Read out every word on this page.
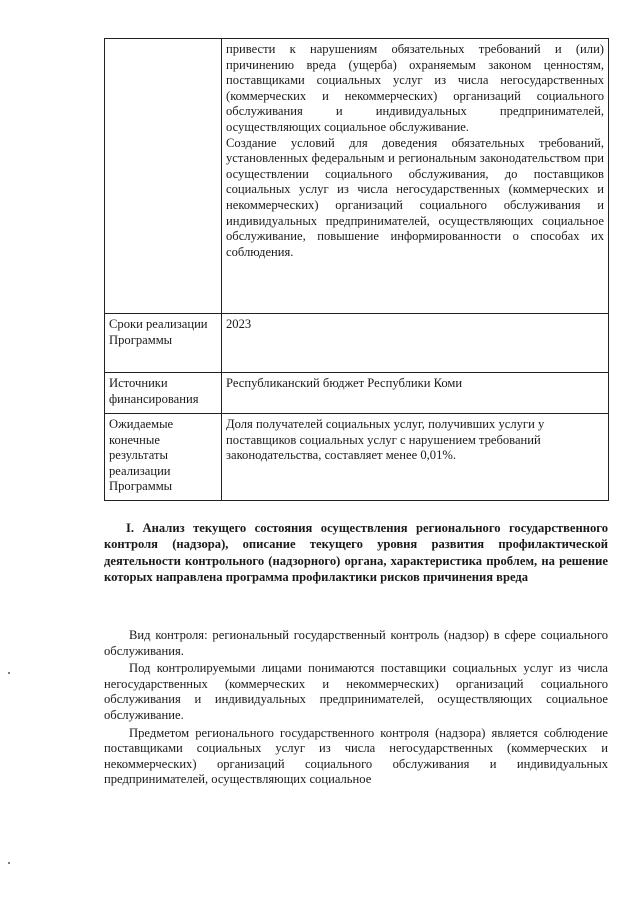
	привести к нарушениям обязательных требований и (или) причинению вреда (ущерба) охраняемым законом ценностям, поставщиками социальных услуг из числа негосударственных (коммерческих и некоммерческих) организаций социального обслуживания и индивидуальных предпринимателей, осуществляющих социальное обслуживание.

Создание условий для доведения обязательных требований, установленных федеральным и региональным законодательством при осуществлении социального обслуживания, до поставщиков социальных услуг из числа негосударственных (коммерческих и некоммерческих) организаций социального обслуживания и индивидуальных предпринимателей, осуществляющих социальное обслуживание, повышение информированности о способах их соблюдения.

Сроки реализации Программы	2023
Источники финансирования	Республиканский бюджет Республики Коми
Ожидаемые конечные результаты реализации Программы	Доля получателей социальных услуг, получивших услуги у поставщиков социальных услуг с нарушением требований законодательства, составляет менее 0,01%.

I. Анализ текущего состояния осуществления регионального государственного контроля (надзора), описание текущего уровня развития профилактической деятельности контрольного (надзорного) органа, характеристика проблем, на решение которых направлена программа профилактики рисков причинения вреда

Вид контроля: региональный государственный контроль (надзор) в сфере социального обслуживания.

Под контролируемыми лицами понимаются поставщики социальных услуг из числа негосударственных (коммерческих и некоммерческих) организаций социального обслуживания и индивидуальных предпринимателей, осуществляющих социальное обслуживание.

Предметом регионального государственного контроля (надзора) является соблюдение поставщиками социальных услуг из числа негосударственных (коммерческих и некоммерческих) организаций социального обслуживания и индивидуальных предпринимателей, осуществляющих социальное
